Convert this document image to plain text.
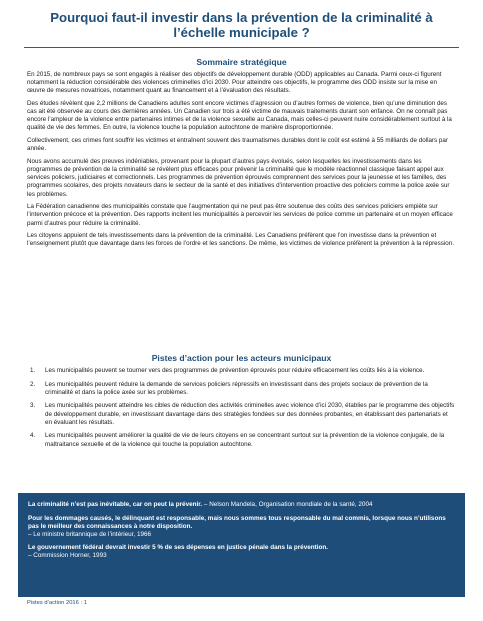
Pourquoi faut-il investir dans la prévention de la criminalité à l’échelle municipale ?
Sommaire stratégique

En 2015, de nombreux pays se sont engagés à réaliser des objectifs de développement durable (ODD) applicables au Canada. Parmi ceux-ci figurent notamment la réduction considérable des violences criminelles d’ici 2030. Pour atteindre ces objectifs, le programme des ODD insiste sur la mise en œuvre de mesures novatrices, notamment quant au financement et à l’évaluation des résultats.

Des études révèlent que 2,2 millions de Canadiens adultes sont encore victimes d’agression ou d’autres formes de violence, bien qu’une diminution des cas ait été observée au cours des dernières années. Un Canadien sur trois a été victime de mauvais traitements durant son enfance. On ne connaît pas encore l’ampleur de la violence entre partenaires intimes et de la violence sexuelle au Canada, mais celles-ci peuvent nuire considérablement surtout à la qualité de vie des femmes. En outre, la violence touche la population autochtone de manière disproportionnée.

Collectivement, ces crimes font souffrir les victimes et entraînent souvent des traumatismes durables dont le coût est estimé à 55 milliards de dollars par année.

Nous avons accumulé des preuves indéniables, provenant pour la plupart d’autres pays évolués, selon lesquelles les investissements dans les programmes de prévention de la criminalité se révèlent plus efficaces pour prévenir la criminalité que le modèle réactionnel classique faisant appel aux services policiers, judiciaires et correctionnels. Les programmes de prévention éprouvés comprennent des services pour la jeunesse et les familles, des programmes scolaires, des projets novateurs dans le secteur de la santé et des initiatives d’intervention proactive des policiers comme la police axée sur les problèmes.

La Fédération canadienne des municipalités constate que l’augmentation qui ne peut pas être soutenue des coûts des services policiers empiète sur l’intervention précoce et la prévention. Des rapports incitent les municipalités à percevoir les services de police comme un partenaire et un moyen efficace parmi d’autres pour réduire la criminalité.

Les citoyens appuient de tels investissements dans la prévention de la criminalité. Les Canadiens préfèrent que l’on investisse dans la prévention et l’enseignement plutôt que davantage dans les forces de l’ordre et les sanctions. De même, les victimes de violence préfèrent la prévention à la répression.

Pistes d’action pour les acteurs municipaux
1. Les municipalités peuvent se tourner vers des programmes de prévention éprouvés pour réduire efficacement les coûts liés à la violence.
2. Les municipalités peuvent réduire la demande de services policiers répressifs en investissant dans des projets sociaux de prévention de la criminalité et dans la police axée sur les problèmes.
3. Les municipalités peuvent atteindre les cibles de réduction des activités criminelles avec violence d’ici 2030, établies par le programme des objectifs de développement durable, en investissant davantage dans des stratégies fondées sur des données probantes, en établissant des partenariats et en évaluant les résultats.
4. Les municipalités peuvent améliorer la qualité de vie de leurs citoyens en se concentrant surtout sur la prévention de la violence conjugale, de la maltraitance sexuelle et de la violence qui touche la population autochtone.

La criminalité n’est pas inévitable, car on peut la prévenir. – Nelson Mandela, Organisation mondiale de la santé, 2004

Pour les dommages causés, le délinquant est responsable, mais nous sommes tous responsable du mal commis, lorsque nous n’utilisons pas le meilleur des connaissances à notre disposition.
– Le ministre britannique de l’intérieur, 1966

Le gouvernement fédéral devrait investir 5 % de ses dépenses en justice pénale dans la prévention.
– Commission Horner, 1993

Pistes d’action 2016 : 1
